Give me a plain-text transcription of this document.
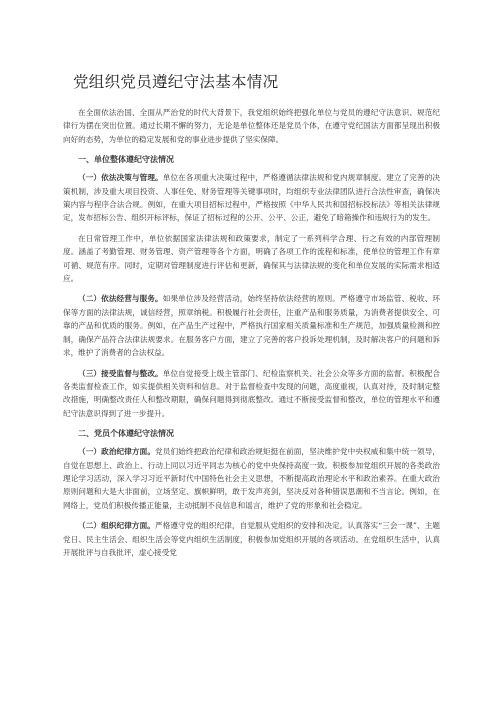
党组织党员遵纪守法基本情况

在全面依法治国、全面从严治党的时代大背景下，我党组织始终把强化单位与党员的遵纪守法意识、规范纪律行为摆在突出位置。通过长期不懈的努力，无论是单位整体还是党员个体，在遵守党纪国法方面都呈现出积极向好的态势，为单位的稳定发展和党的事业进步提供了坚实保障。

一、单位整体遵纪守法情况

（一）依法决策与管理。单位在各项重大决策过程中，严格遵循法律法规和党内规章制度。建立了完善的决策机制，涉及重大项目投资、人事任免、财务管理等关键事项时，均组织专业法律团队进行合法性审查，确保决策内容与程序合法合规。例如，在重大项目招标过程中，严格按照《中华人民共和国招标投标法》等相关法律规定，发布招标公告、组织开标评标，保证了招标过程的公开、公平、公正，避免了暗箱操作和违规行为的发生。

在日常管理工作中，单位依据国家法律法规和政策要求，制定了一系列科学合理、行之有效的内部管理制度。涵盖了考勤管理、财务管理、资产管理等各个方面，明确了各项工作的流程和标准，使单位的管理工作有章可循、规范有序。同时，定期对管理制度进行评估和更新，确保其与法律法规的变化和单位发展的实际需求相适应。

（二）依法经营与服务。如果单位涉及经营活动，始终坚持依法经营的原则。严格遵守市场监管、税收、环保等方面的法律法规，诚信经营，照章纳税。积极履行社会责任，注重产品和服务质量，为消费者提供安全、可靠的产品和优质的服务。例如，在产品生产过程中，严格执行国家相关质量标准和生产规范，加强质量检测和控制，确保产品符合法律法规要求。在服务客户方面，建立了完善的客户投诉处理机制，及时解决客户的问题和诉求，维护了消费者的合法权益。

（三）接受监督与整改。单位自觉接受上级主管部门、纪检监察机关、社会公众等多方面的监督。积极配合各类监督检查工作，如实提供相关资料和信息。对于监督检查中发现的问题，高度重视，认真对待，及时制定整改措施，明确整改责任人和整改期限，确保问题得到彻底整改。通过不断接受监督和整改，单位的管理水平和遵纪守法意识得到了进一步提升。

二、党员个体遵纪守法情况

（一）政治纪律方面。党员们始终把政治纪律和政治规矩挺在前面，坚决维护党中央权威和集中统一领导，自觉在思想上、政治上、行动上同以习近平同志为核心的党中央保持高度一致。积极参加党组织开展的各类政治理论学习活动，深入学习习近平新时代中国特色社会主义思想，不断提高政治理论水平和政治素养。在重大政治原则问题和大是大非面前，立场坚定、旗帜鲜明，敢于发声亮剑，坚决反对各种错误思潮和不当言论。例如，在网络上，党员们积极传播正能量，主动抵制不良信息和谣言，维护了党的形象和社会稳定。

（二）组织纪律方面。严格遵守党的组织纪律，自觉服从党组织的安排和决定。认真落实“三会一课”、主题党日、民主生活会、组织生活会等党内组织生活制度，积极参加党组织开展的各项活动。在党组织生活中，认真开展批评与自我批评，虚心接受党
